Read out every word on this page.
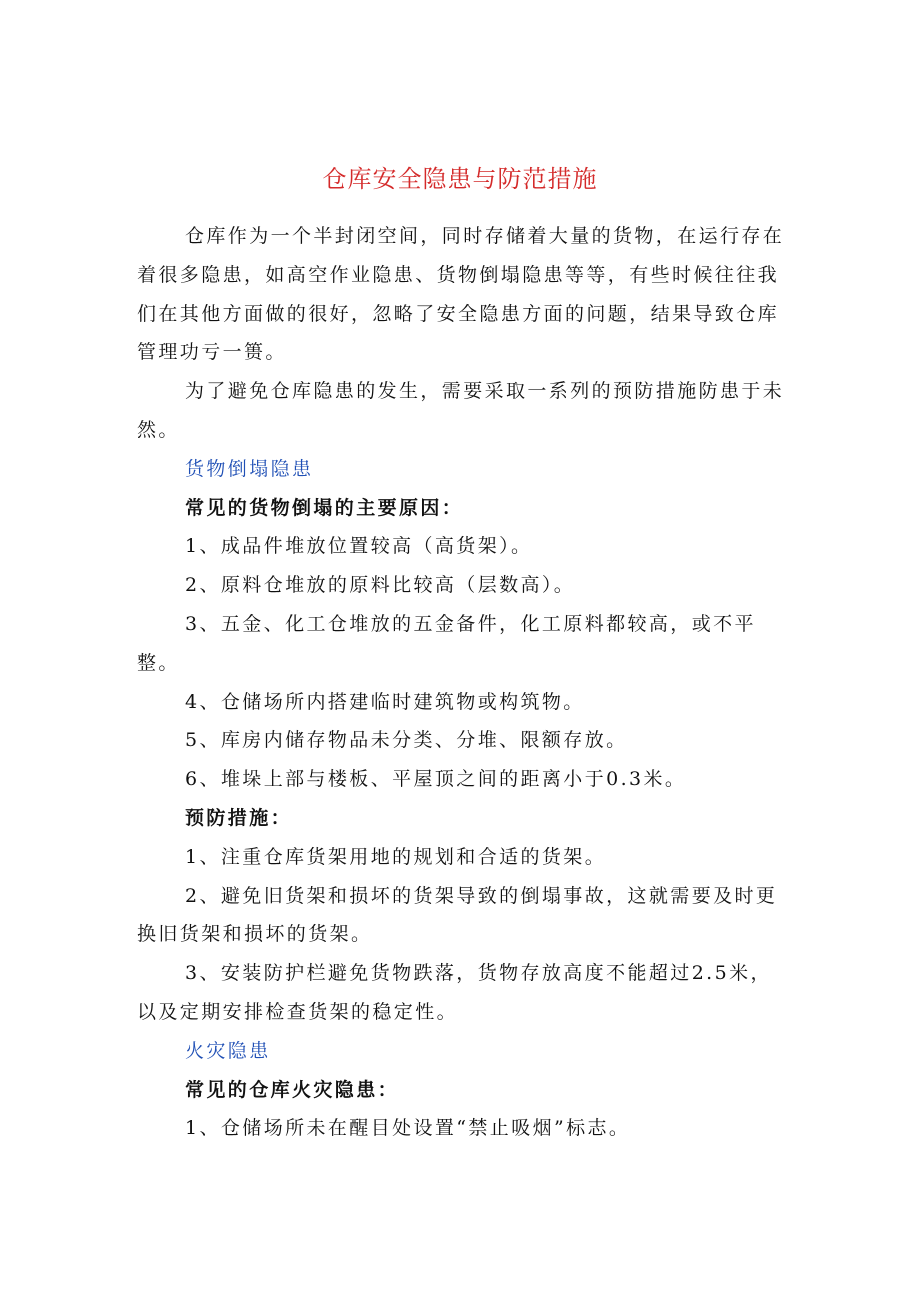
仓库安全隐患与防范措施

仓库作为一个半封闭空间，同时存储着大量的货物，在运行存在着很多隐患，如高空作业隐患、货物倒塌隐患等等，有些时候往往我们在其他方面做的很好，忽略了安全隐患方面的问题，结果导致仓库管理功亏一篑。

为了避免仓库隐患的发生，需要采取一系列的预防措施防患于未然。

货物倒塌隐患

常见的货物倒塌的主要原因：

1、成品件堆放位置较高（高货架）。

2、原料仓堆放的原料比较高（层数高）。

3、五金、化工仓堆放的五金备件，化工原料都较高，或不平整。

4、仓储场所内搭建临时建筑物或构筑物。

5、库房内储存物品未分类、分堆、限额存放。

6、堆垛上部与楼板、平屋顶之间的距离小于0.3米。

预防措施：

1、注重仓库货架用地的规划和合适的货架。

2、避免旧货架和损坏的货架导致的倒塌事故，这就需要及时更换旧货架和损坏的货架。

3、安装防护栏避免货物跌落，货物存放高度不能超过2.5米，以及定期安排检查货架的稳定性。

火灾隐患

常见的仓库火灾隐患：

1、仓储场所未在醒目处设置“禁止吸烟”标志。
